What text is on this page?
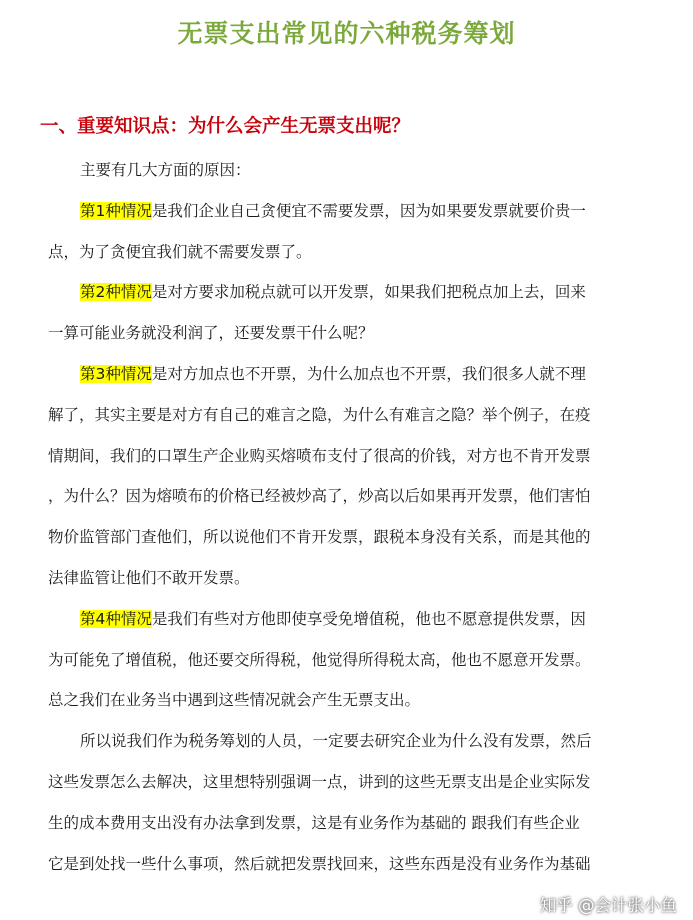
无票支出常见的六种税务筹划
一、重要知识点：为什么会产生无票支出呢？

主要有几大方面的原因：

第1种情况是我们企业自己贪便宜不需要发票，因为如果要发票就要价贵一

点，为了贪便宜我们就不需要发票了。

第2种情况是对方要求加税点就可以开发票，如果我们把税点加上去，回来

一算可能业务就没利润了，还要发票干什么呢？

第3种情况是对方加点也不开票，为什么加点也不开票，我们很多人就不理

解了，其实主要是对方有自己的难言之隐，为什么有难言之隐？举个例子，在疫

情期间，我们的口罩生产企业购买熔喷布支付了很高的价钱，对方也不肯开发票

，为什么？因为熔喷布的价格已经被炒高了，炒高以后如果再开发票，他们害怕

物价监管部门查他们，所以说他们不肯开发票，跟税本身没有关系，而是其他的

法律监管让他们不敢开发票。

第4种情况是我们有些对方他即使享受免增值税，他也不愿意提供发票，因

为可能免了增值税，他还要交所得税，他觉得所得税太高，他也不愿意开发票。

总之我们在业务当中遇到这些情况就会产生无票支出。

所以说我们作为税务筹划的人员，一定要去研究企业为什么没有发票，然后

这些发票怎么去解决，这里想特别强调一点，讲到的这些无票支出是企业实际发

生的成本费用支出没有办法拿到发票，这是有业务作为基础的 跟我们有些企业

它是到处找一些什么事项，然后就把发票找回来，这些东西是没有业务作为基础

知乎 @会计张小鱼
